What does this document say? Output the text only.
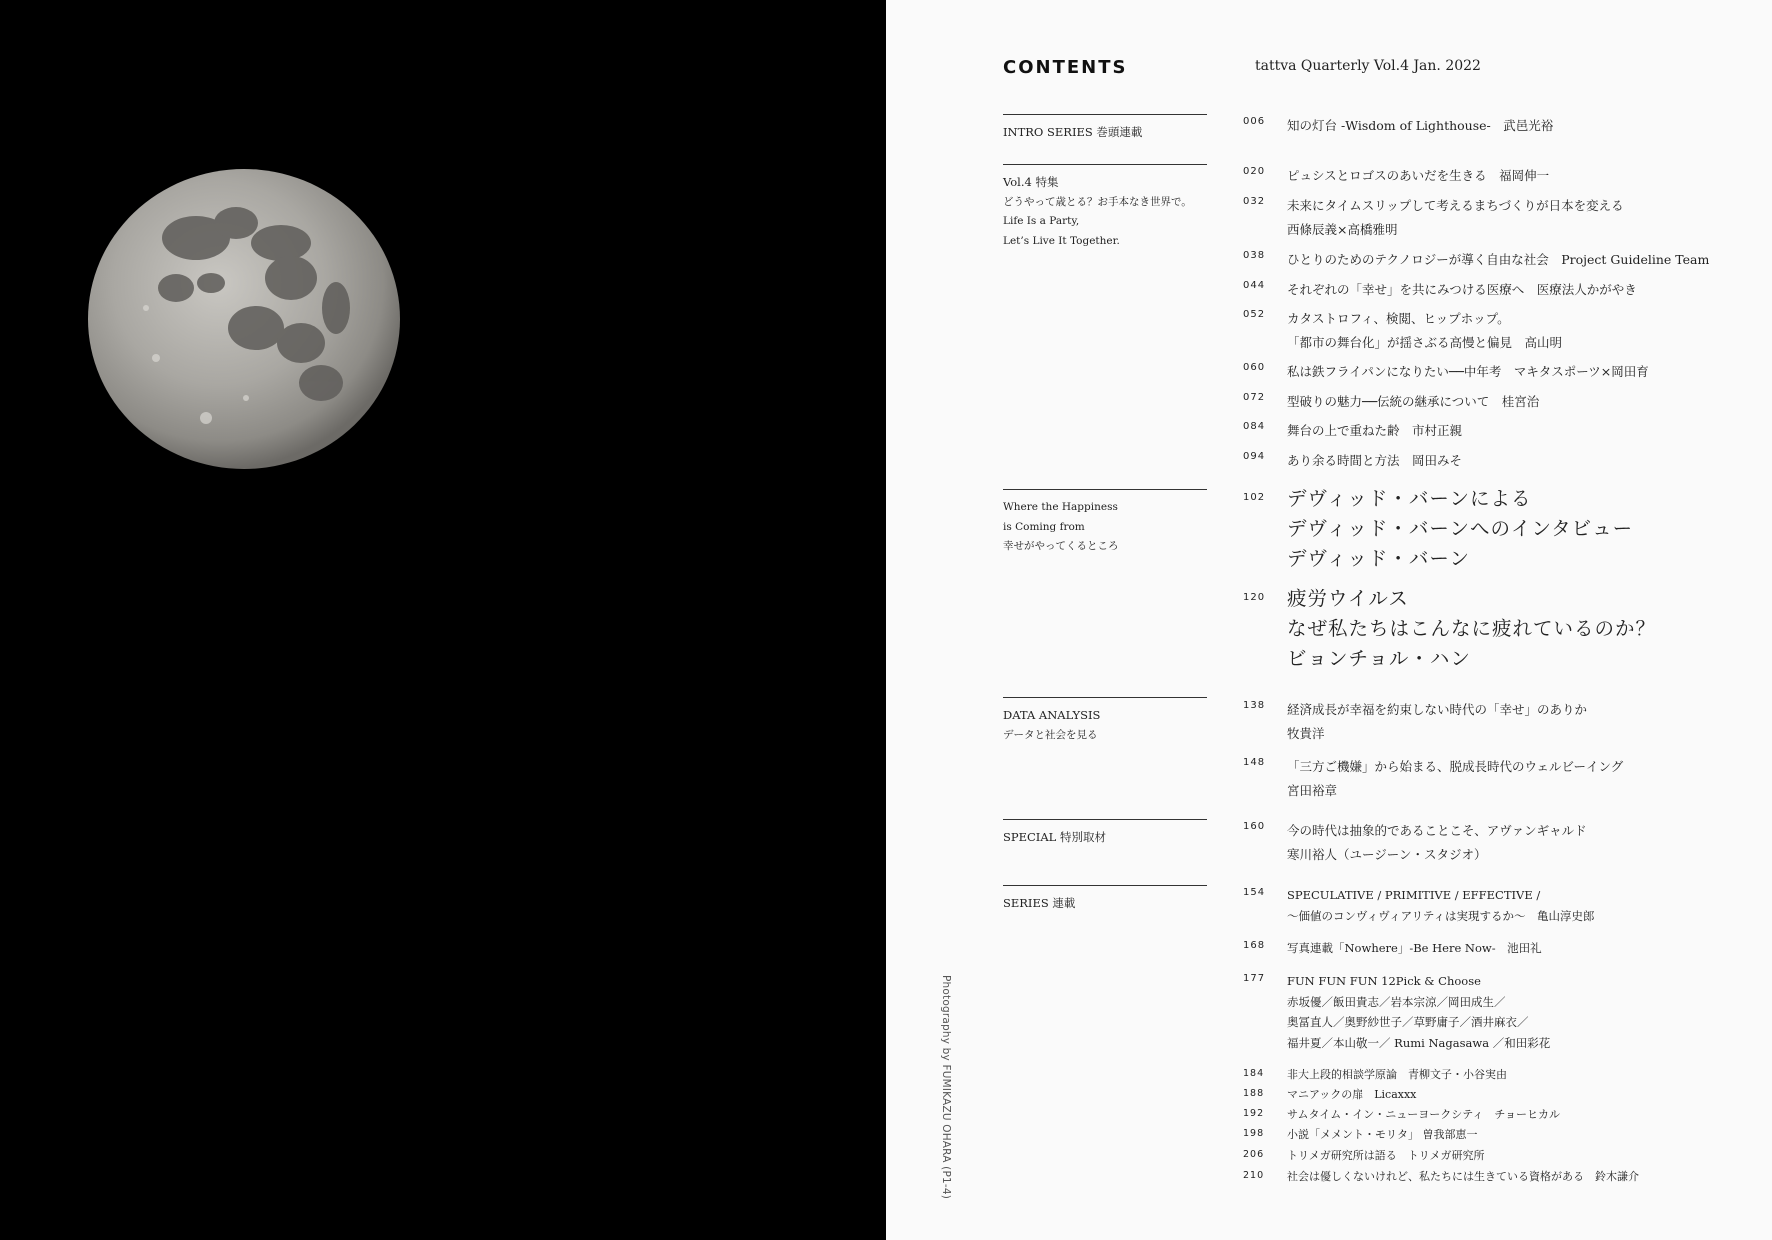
Photography by FUMIKAZU OHARA (P1-4)
CONTENTS	tattva Quarterly Vol.4 Jan. 2022
INTRO SERIES 巻頭連載
Vol.4 特集
どうやって歳とる？お手本なき世界で。
Life Is a Party,
Let’s Live It Together.
Where the Happiness
is Coming from
幸せがやってくるところ
DATA ANALYSIS
データと社会を見る
SPECIAL 特別取材
SERIES 連載
006 知の灯台 -Wisdom of Lighthouse-　武邑光裕
020 ピュシスとロゴスのあいだを生きる　福岡伸一
032 未来にタイムスリップして考えるまちづくりが日本を変える
西條辰義×高橋雅明
038 ひとりのためのテクノロジーが導く自由な社会　Project Guideline Team
044 それぞれの「幸せ」を共にみつける医療へ　医療法人かがやき
052 カタストロフィ、検閲、ヒップホップ。
「都市の舞台化」が揺さぶる高慢と偏見　高山明
060 私は鉄フライパンになりたい──中年考　マキタスポーツ×岡田育
072 型破りの魅力──伝統の継承について　桂宮治
084 舞台の上で重ねた齢　市村正親
094 あり余る時間と方法　岡田みそ
102 デヴィッド・バーンによる
デヴィッド・バーンへのインタビュー
デヴィッド・バーン
120 疲労ウイルス
なぜ私たちはこんなに疲れているのか？
ビョンチョル・ハン
138 経済成長が幸福を約束しない時代の「幸せ」のありか
牧貴洋
148 「三方ご機嫌」から始まる、脱成長時代のウェルビーイング
宮田裕章
160 今の時代は抽象的であることこそ、アヴァンギャルド
寒川裕人（ユージーン・スタジオ）
154 SPECULATIVE / PRIMITIVE / EFFECTIVE /
〜価値のコンヴィヴィアリティは実現するか〜　亀山淳史郎
168 写真連載「Nowhere」-Be Here Now-　池田礼
177 FUN FUN FUN 12Pick & Choose
赤坂優／飯田貴志／岩本宗涼／岡田成生／
奥冨直人／奥野紗世子／草野庸子／酒井麻衣／
福井夏／本山敬一／ Rumi Nagasawa ／和田彩花
184 非大上段的相談学原論　青柳文子・小谷実由
188 マニアックの扉　Licaxxx
192 サムタイム・イン・ニューヨークシティ　チョーヒカル
198 小説「メメント・モリタ」 曽我部恵一
206 トリメガ研究所は語る　トリメガ研究所
210 社会は優しくないけれど、私たちには生きている資格がある　鈴木謙介
